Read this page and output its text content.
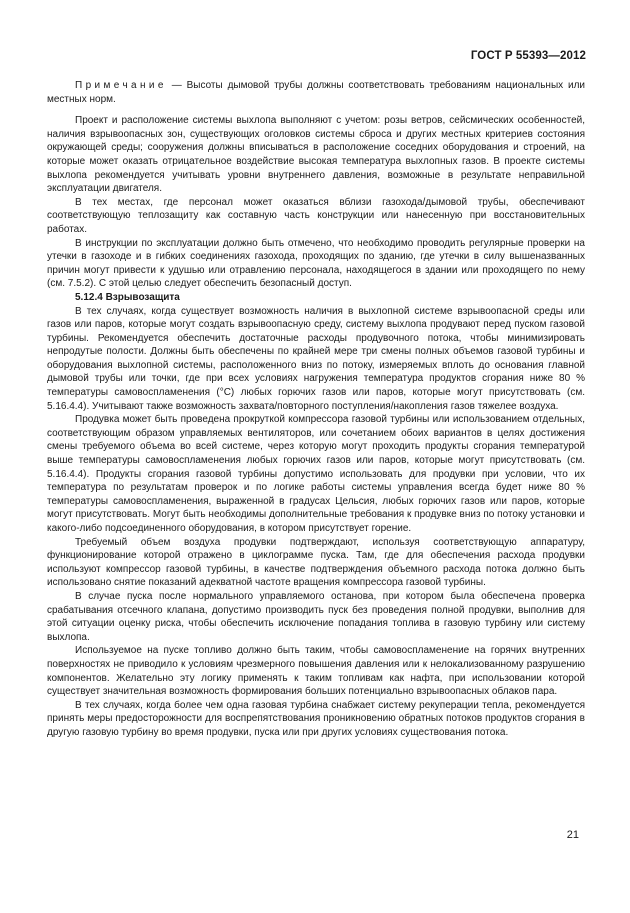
ГОСТ Р 55393—2012

Примечание — Высоты дымовой трубы должны соответствовать требованиям национальных или местных норм.

Проект и расположение системы выхлопа выполняют с учетом: розы ветров, сейсмических особенностей, наличия взрывоопасных зон, существующих оголовков системы сброса и других местных критериев состояния окружающей среды; сооружения должны вписываться в расположение соседних оборудования и строений, на которые может оказать отрицательное воздействие высокая температура выхлопных газов. В проекте системы выхлопа рекомендуется учитывать уровни внутреннего давления, возможные в результате неправильной эксплуатации двигателя.

В тех местах, где персонал может оказаться вблизи газохода/дымовой трубы, обеспечивают соответствующую теплозащиту как составную часть конструкции или нанесенную при восстановительных работах.

В инструкции по эксплуатации должно быть отмечено, что необходимо проводить регулярные проверки на утечки в газоходе и в гибких соединениях газохода, проходящих по зданию, где утечки в силу вышеназванных причин могут привести к удушью или отравлению персонала, находящегося в здании или проходящего по нему (см. 7.5.2). С этой целью следует обеспечить безопасный доступ.

5.12.4 Взрывозащита

В тех случаях, когда существует возможность наличия в выхлопной системе взрывоопасной среды или газов или паров, которые могут создать взрывоопасную среду, систему выхлопа продувают перед пуском газовой турбины. Рекомендуется обеспечить достаточные расходы продувочного потока, чтобы минимизировать непродутые полости. Должны быть обеспечены по крайней мере три смены полных объемов газовой турбины и оборудования выхлопной системы, расположенного вниз по потоку, измеряемых вплоть до основания главной дымовой трубы или точки, где при всех условиях нагружения температура продуктов сгорания ниже 80 % температуры самовоспламенения (°С) любых горючих газов или паров, которые могут присутствовать (см. 5.16.4.4). Учитывают также возможность захвата/повторного поступления/накопления газов тяжелее воздуха.

Продувка может быть проведена прокруткой компрессора газовой турбины или использованием отдельных, соответствующим образом управляемых вентиляторов, или сочетанием обоих вариантов в целях достижения смены требуемого объема во всей системе, через которую могут проходить продукты сгорания температурой выше температуры самовоспламенения любых горючих газов или паров, которые могут присутствовать (см. 5.16.4.4). Продукты сгорания газовой турбины допустимо использовать для продувки при условии, что их температура по результатам проверок и по логике работы системы управления всегда будет ниже 80 % температуры самовоспламенения, выраженной в градусах Цельсия, любых горючих газов или паров, которые могут присутствовать. Могут быть необходимы дополнительные требования к продувке вниз по потоку установки и какого-либо подсоединенного оборудования, в котором присутствует горение.

Требуемый объем воздуха продувки подтверждают, используя соответствующую аппаратуру, функционирование которой отражено в циклограмме пуска. Там, где для обеспечения расхода продувки используют компрессор газовой турбины, в качестве подтверждения объемного расхода потока должно быть использовано снятие показаний адекватной частоте вращения компрессора газовой турбины.

В случае пуска после нормального управляемого останова, при котором была обеспечена проверка срабатывания отсечного клапана, допустимо производить пуск без проведения полной продувки, выполнив для этой ситуации оценку риска, чтобы обеспечить исключение попадания топлива в газовую турбину или систему выхлопа.

Используемое на пуске топливо должно быть таким, чтобы самовоспламенение на горячих внутренних поверхностях не приводило к условиям чрезмерного повышения давления или к нелокализованному разрушению компонентов. Желательно эту логику применять к таким топливам как нафта, при использовании которой существует значительная возможность формирования больших потенциально взрывоопасных облаков пара.

В тех случаях, когда более чем одна газовая турбина снабжает систему рекуперации тепла, рекомендуется принять меры предосторожности для воспрепятствования проникновению обратных потоков продуктов сгорания в другую газовую турбину во время продувки, пуска или при других условиях существования потока.

21
